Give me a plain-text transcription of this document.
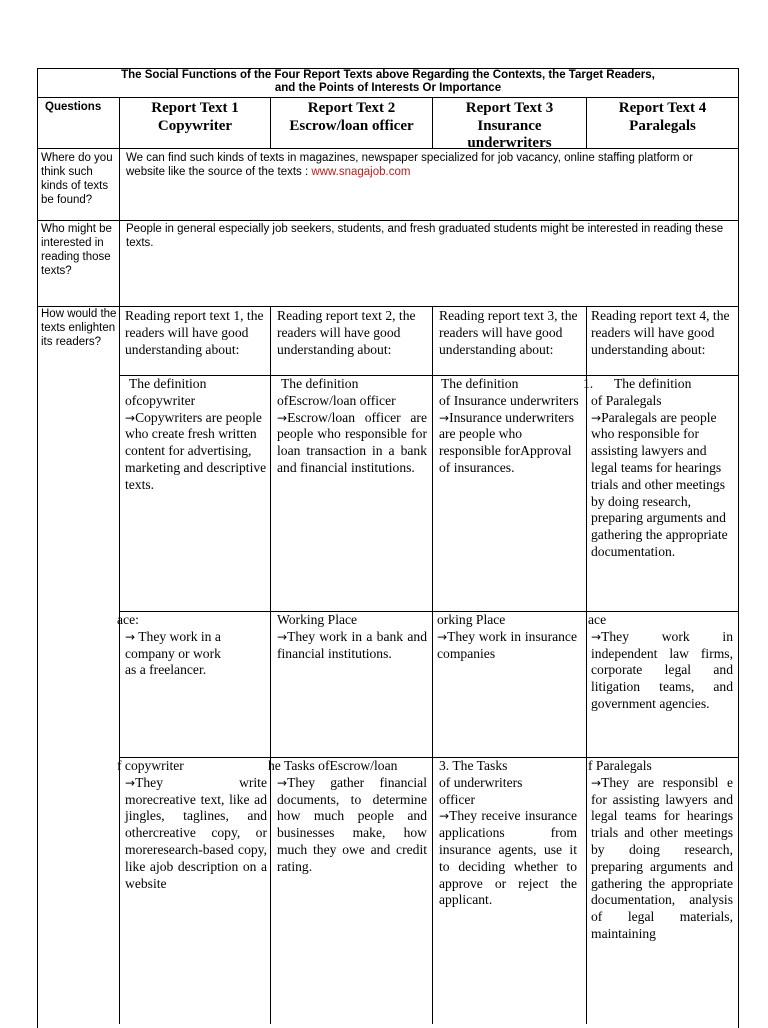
The Social Functions of the Four Report Texts above Regarding the Contexts, the Target Readers,
and the Points of Interests Or Importance
Questions	Report Text 1
Copywriter
Report Text 2
Escrow/loan officer
Report Text 3
Insurance underwriters
Report Text 4
Paralegals
Where do you think such kinds of texts be found?
Who might be interested in reading those texts?
How would the texts enlighten its readers?
We can find such kinds of texts in magazines, newspaper specialized for job vacancy, online staffing platform or website like the source of the texts : www.snagajob.com
People in general especially job seekers, students, and fresh graduated students might be interested in reading these texts.
Reading report text 1, the readers will have good understanding about:
Reading report text 2, the readers will have good understanding about:
Reading report text 3, the readers will have good understanding about:
Reading report text 4, the readers will have good understanding about:
The definition
ofcopywriter
→Copywriters are people who create fresh written content for advertising, marketing and descriptive texts.
The definition
ofEscrow/loan officer
→Escrow/loan officer are people who responsible for loan transaction in a bank and financial institutions.
The definition
of Insurance underwriters
→Insurance underwriters are people who responsible forApproval of insurances.
1. The definition
of Paralegals
→Paralegals are people who responsible for assisting lawyers and legal teams for hearings trials and other meetings by doing research, preparing arguments and gathering the appropriate documentation.
ace:
→ They work in a company or work as a freelancer.
Working Place
→They work in a bank and financial institutions.
orking Place
→They work in insurance companies
ace
→They work in independent law firms, corporate legal and litigation teams, and government agencies.
f copywriter
→They write morecreative text, like ad jingles, taglines, and othercreative copy, or moreresearch-based copy, like ajob description on a website
he Tasks ofEscrow/loan
→They gather financial documents, to determine how much people and businesses make, how much they owe and credit rating.
3. The Tasks
of underwriters
officer
→They receive insurance applications from insurance agents, use it to deciding whether to approve or reject the applicant.
f Paralegals
→They are responsibl e for assisting lawyers and legal teams for hearings trials and other meetings by doing research, preparing arguments and gathering the appropriate documentation, analysis of legal materials, maintaining
